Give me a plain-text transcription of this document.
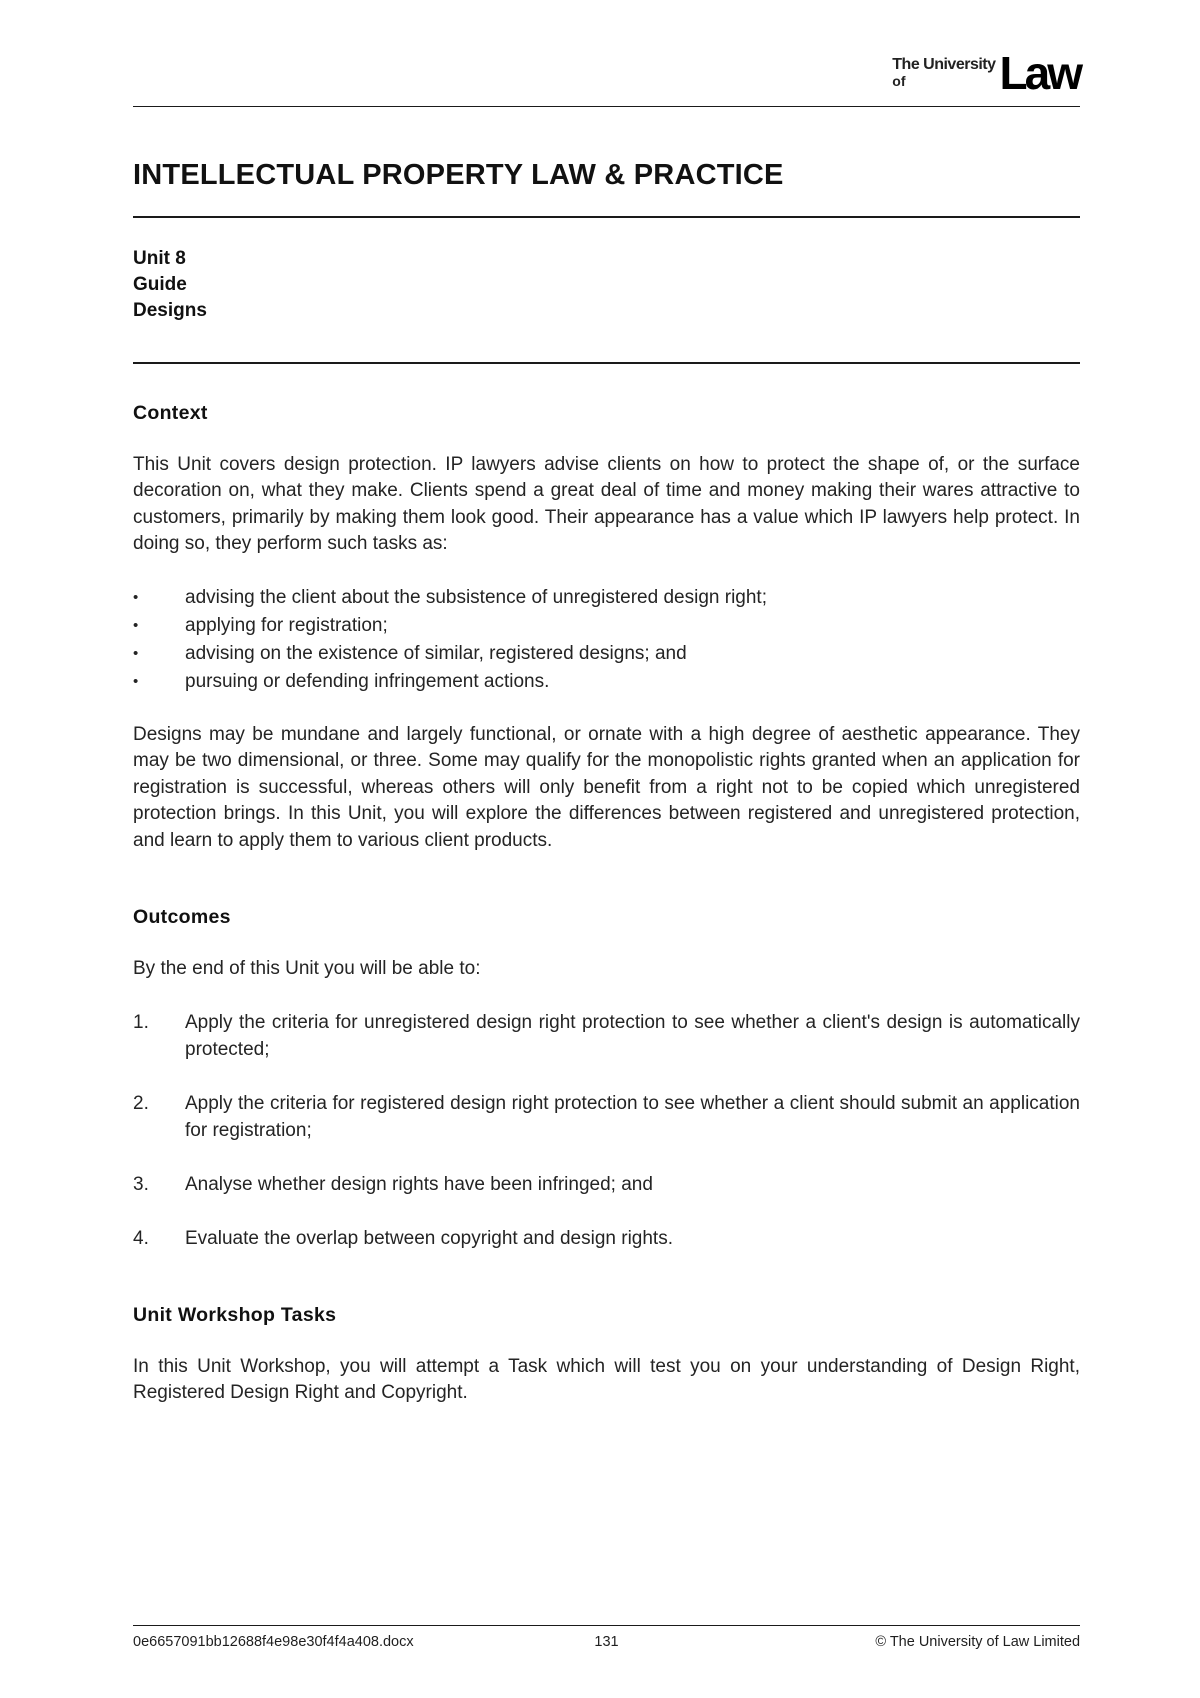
The University
of	Law
INTELLECTUAL PROPERTY LAW & PRACTICE
Unit 8
Guide
Designs
Context

This Unit covers design protection. IP lawyers advise clients on how to protect the shape of, or the surface decoration on, what they make. Clients spend a great deal of time and money making their wares attractive to customers, primarily by making them look good. Their appearance has a value which IP lawyers help protect. In doing so, they perform such tasks as:

•	advising the client about the subsistence of unregistered design right;
•	applying for registration;
•	advising on the existence of similar, registered designs; and
•	pursuing or defending infringement actions.

Designs may be mundane and largely functional, or ornate with a high degree of aesthetic appearance. They may be two dimensional, or three. Some may qualify for the monopolistic rights granted when an application for registration is successful, whereas others will only benefit from a right not to be copied which unregistered protection brings. In this Unit, you will explore the differences between registered and unregistered protection, and learn to apply them to various client products.

Outcomes

By the end of this Unit you will be able to:

1.	Apply the criteria for unregistered design right protection to see whether a client's design is automatically protected;
2.	Apply the criteria for registered design right protection to see whether a client should submit an application for registration;
3.	Analyse whether design rights have been infringed; and
4.	Evaluate the overlap between copyright and design rights.
Unit Workshop Tasks

In this Unit Workshop, you will attempt a Task which will test you on your understanding of Design Right, Registered Design Right and Copyright.

0e6657091bb12688f4e98e30f4f4a408.docx	131	© The University of Law Limited
